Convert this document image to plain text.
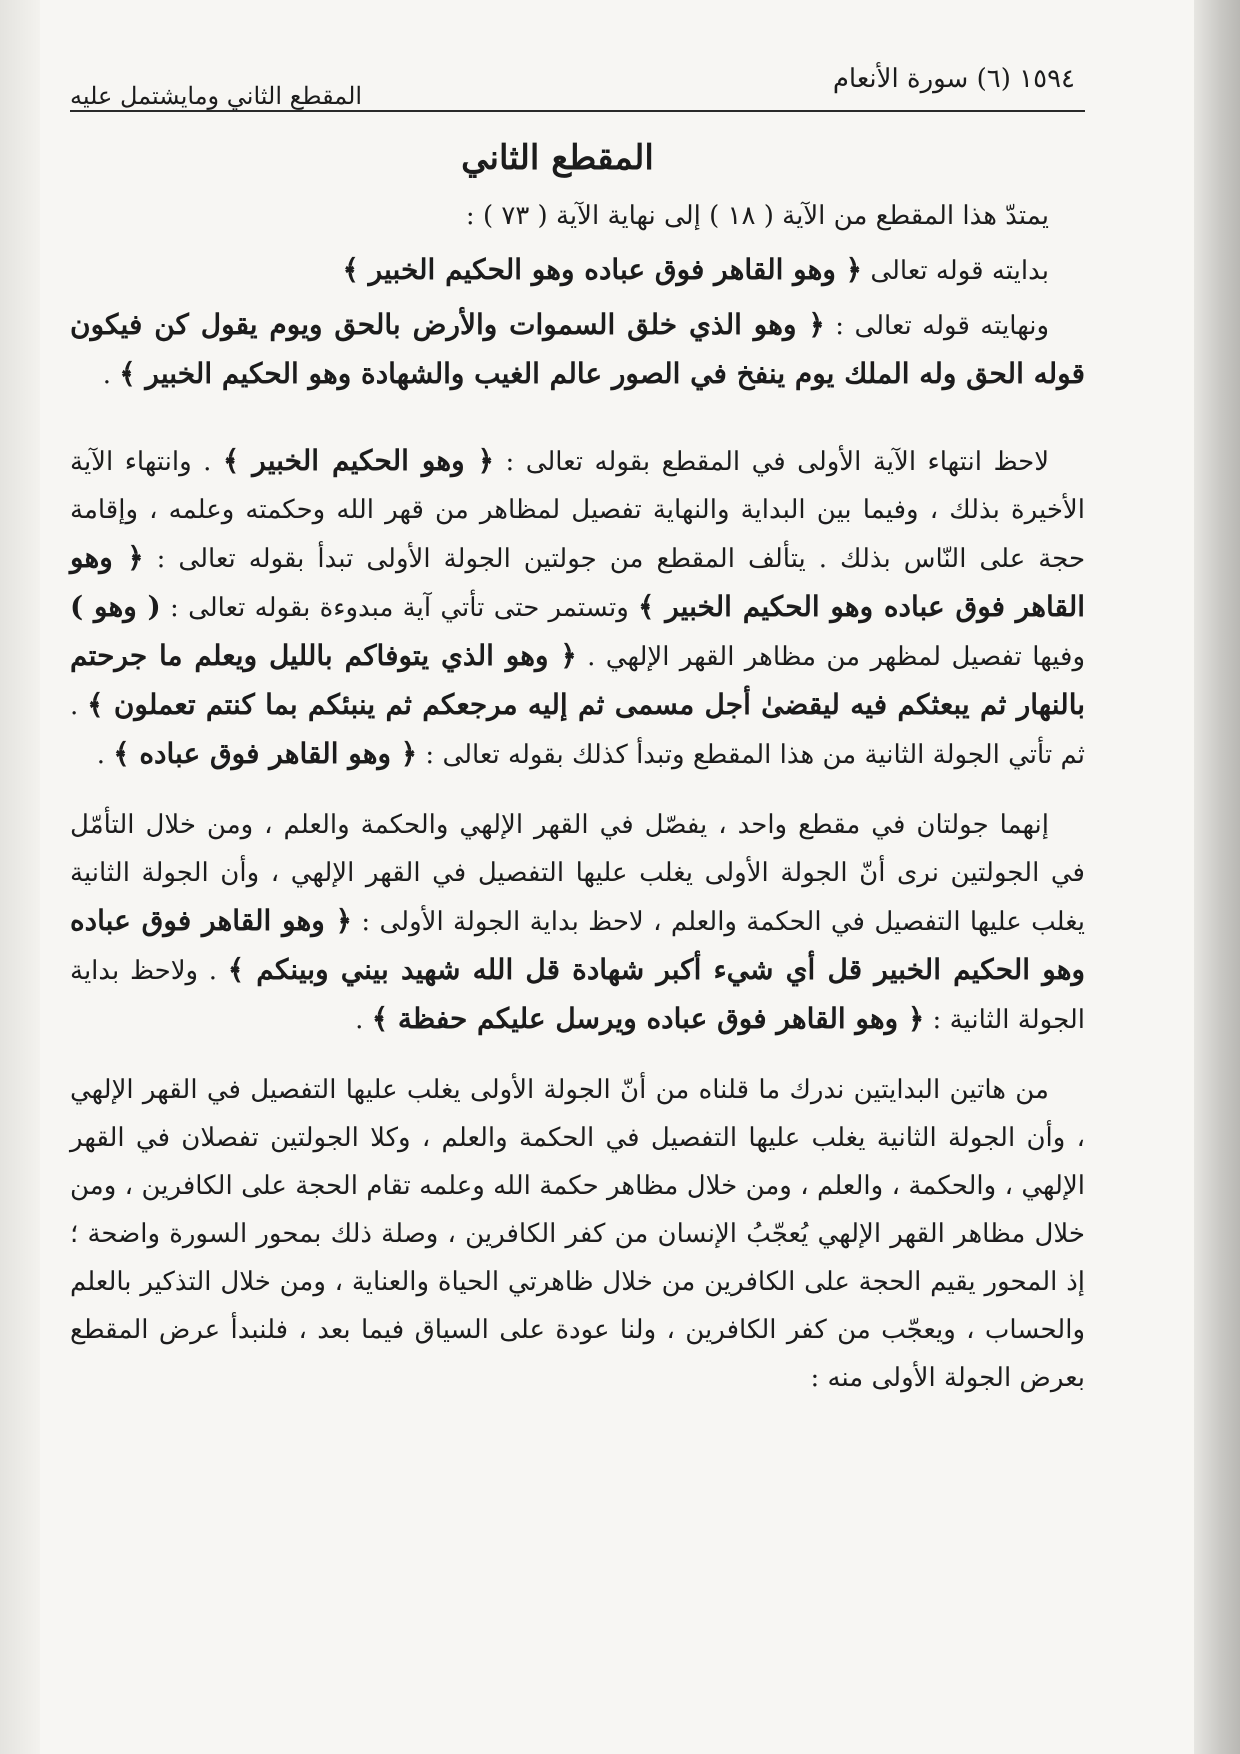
١٥٩٤ (٦) سورة الأنعام
المقطع الثاني ومايشتمل عليه
المقطع الثاني

يمتدّ هذا المقطع من الآية ( ١٨ ) إلى نهاية الآية ( ٧٣ ) :

بدايته قوله تعالى ﴿ وهو القاهر فوق عباده وهو الحكيم الخبير ﴾

ونهايته قوله تعالى : ﴿ وهو الذي خلق السموات والأرض بالحق ويوم يقول كن فيكون قوله الحق وله الملك يوم ينفخ في الصور عالم الغيب والشهادة وهو الحكيم الخبير ﴾ .

لاحظ انتهاء الآية الأولى في المقطع بقوله تعالى : ﴿ وهو الحكيم الخبير ﴾ . وانتهاء الآية الأخيرة بذلك ، وفيما بين البداية والنهاية تفصيل لمظاهر من قهر الله وحكمته وعلمه ، وإقامة حجة على النّاس بذلك . يتألف المقطع من جولتين الجولة الأولى تبدأ بقوله تعالى : ﴿ وهو القاهر فوق عباده وهو الحكيم الخبير ﴾ وتستمر حتى تأتي آية مبدوءة بقوله تعالى : ( وهو ) وفيها تفصيل لمظهر من مظاهر القهر الإلهي . ﴿ وهو الذي يتوفاكم بالليل ويعلم ما جرحتم بالنهار ثم يبعثكم فيه ليقضىٰ أجل مسمى ثم إليه مرجعكم ثم ينبئكم بما كنتم تعملون ﴾ . ثم تأتي الجولة الثانية من هذا المقطع وتبدأ كذلك بقوله تعالى : ﴿ وهو القاهر فوق عباده ﴾ .

إنهما جولتان في مقطع واحد ، يفصّل في القهر الإلهي والحكمة والعلم ، ومن خلال التأمّل في الجولتين نرى أنّ الجولة الأولى يغلب عليها التفصيل في القهر الإلهي ، وأن الجولة الثانية يغلب عليها التفصيل في الحكمة والعلم ، لاحظ بداية الجولة الأولى : ﴿ وهو القاهر فوق عباده وهو الحكيم الخبير قل أي شيء أكبر شهادة قل الله شهيد بيني وبينكم ﴾ . ولاحظ بداية الجولة الثانية : ﴿ وهو القاهر فوق عباده ويرسل عليكم حفظة ﴾ .

من هاتين البدايتين ندرك ما قلناه من أنّ الجولة الأولى يغلب عليها التفصيل في القهر الإلهي ، وأن الجولة الثانية يغلب عليها التفصيل في الحكمة والعلم ، وكلا الجولتين تفصلان في القهر الإلهي ، والحكمة ، والعلم ، ومن خلال مظاهر حكمة الله وعلمه تقام الحجة على الكافرين ، ومن خلال مظاهر القهر الإلهي يُعجّبُ الإنسان من كفر الكافرين ، وصلة ذلك بمحور السورة واضحة ؛ إذ المحور يقيم الحجة على الكافرين من خلال ظاهرتي الحياة والعناية ، ومن خلال التذكير بالعلم والحساب ، ويعجّب من كفر الكافرين ، ولنا عودة على السياق فيما بعد ، فلنبدأ عرض المقطع بعرض الجولة الأولى منه :
